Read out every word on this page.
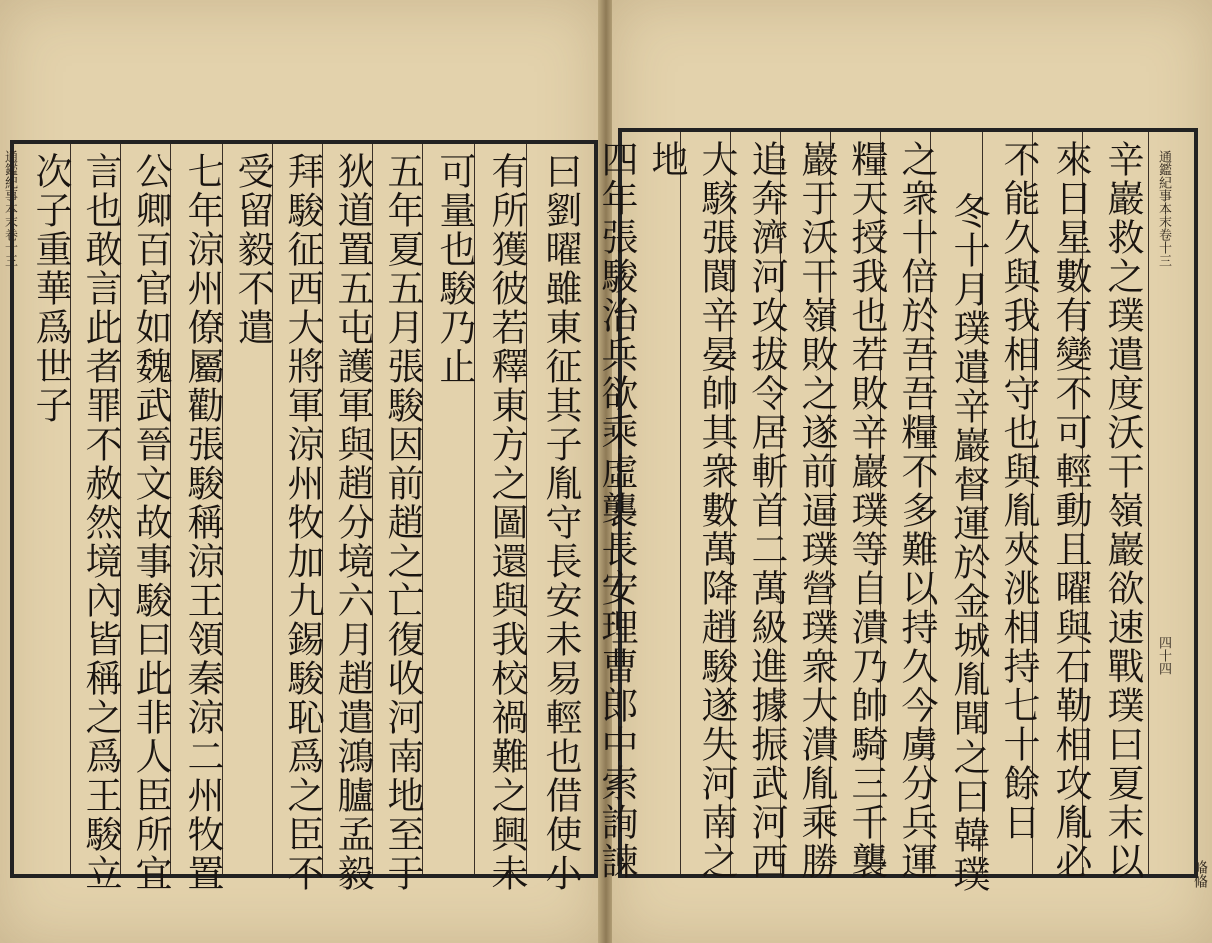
通鑑紀事本末卷十三	曰劉曜雖東征其子胤守長安未易輕也借使小
有所獲彼若釋東方之圖還與我校禍難之興未
可量也駿乃止
五年夏五月張駿因前趙之亡復收河南地至于
狄道置五屯護軍與趙分境六月趙遣鴻臚孟毅
拜駿征西大將軍涼州牧加九錫駿恥爲之臣不
受留毅不遣
七年涼州僚屬勸張駿稱涼王領秦涼二州牧置
公卿百官如魏武晉文故事駿曰此非人臣所宜
言也敢言此者罪不赦然境內皆稱之爲王駿立
次子重華爲世子	通鑑紀事本末卷十三
四十四
偹偹
辛巖救之璞遣度沃干嶺巖欲速戰璞曰夏末以
來日星數有變不可輕動且曜與石勒相攻胤必
不能久與我相守也與胤夾洮相持七十餘日
冬十月璞遣辛巖督運於金城胤聞之曰韓璞
之衆十倍於吾吾糧不多難以持久今虜分兵運
糧天授我也若敗辛巖璞等自潰乃帥騎三千襲
巖于沃干嶺敗之遂前逼璞營璞衆大潰胤乘勝
追奔濟河攻拔令居斬首二萬級進據振武河西
大駭張閬辛晏帥其衆數萬降趙駿遂失河南之
地
四年張駿治兵欲乘虛襲長安理曹郎中索詢諫
